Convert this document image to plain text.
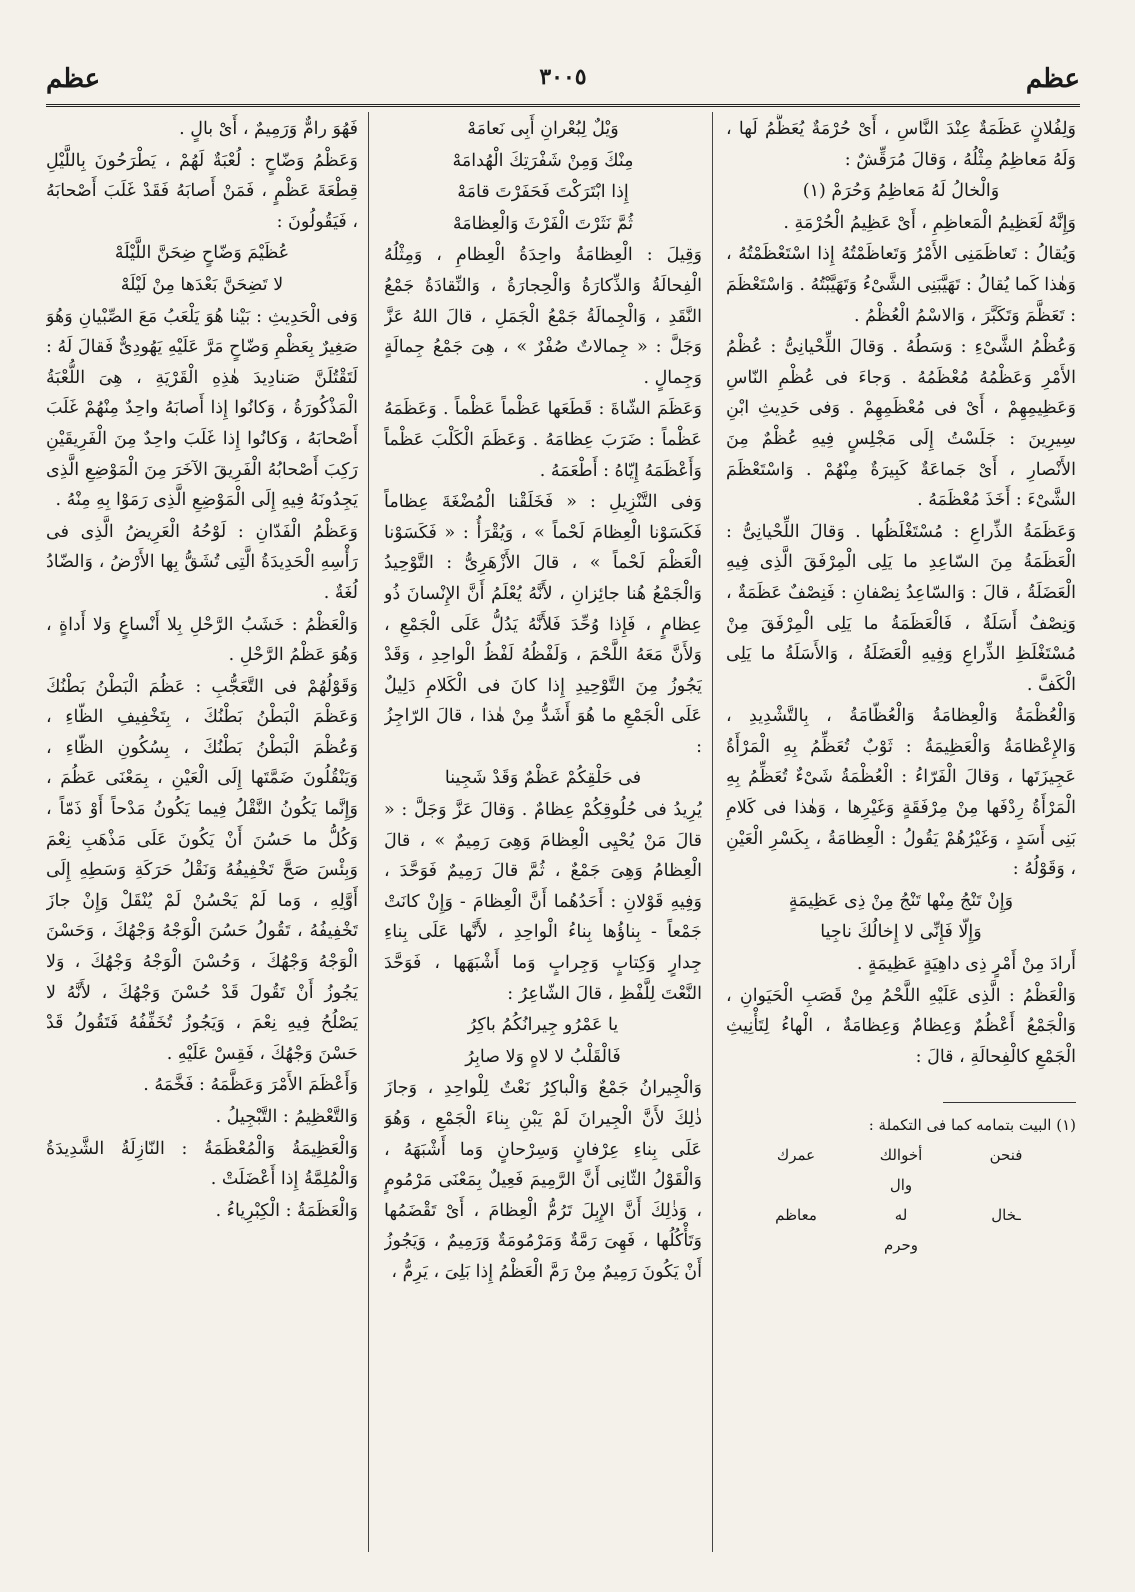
عظم
٣٠٠٥
عظم

وَلِفُلانٍ عَظَمَةٌ عِنْدَ النَّاسِ ، أَىْ حُرْمَةٌ يُعَظَّمُ لَها ، وَلَهُ مَعاظِمُ مِثْلُهُ ، وَقالَ مُرَقِّشٌ :

وَالْخالُ لَهُ مَعاظِمُ وَحُرَمْ (١)

وَإِنَّهُ لَعَظِيمُ الْمَعاظِمِ ، أَىْ عَظِيمُ الْحُرْمَةِ .

وَيُقالُ : تَعاظَمَنِى الأَمْرُ وَتَعاظَمْتُهُ إِذا اسْتَعْظَمْتُهُ ، وَهٰذا كَما يُقالُ : تَهَيَّبَنِى الشَّىْءُ وَتَهَيَّبْتُهُ . وَاسْتَعْظَمَ : تَعَظَّمَ وَتَكَبَّرَ ، وَالاسْمُ الْعُظْمُ .

وَعُظْمُ الشَّىْءِ : وَسَطُهُ . وَقالَ اللِّحْيانِىُّ : عُظْمُ الأَمْرِ وَعَظْمُهُ مُعْظَمُهُ . وَجاءَ فى عُظْمِ النّاسِ وَعَظِيمِهِمْ ، أَىْ فى مُعْظَمِهِمْ . وَفى حَدِيثِ ابْنِ سِيرِينَ : جَلَسْتُ إِلَى مَجْلِسٍ فِيهِ عُظْمٌ مِنَ الأَنْصارِ ، أَىْ جَماعَةٌ كَبِيرَةٌ مِنْهُمْ . وَاسْتَعْظَمَ الشَّىْءَ : أَخَذَ مُعْظَمَهُ .

وَعَظَمَةُ الذِّراعِ : مُسْتَغْلَظُها . وَقالَ اللِّحْيانِىُّ : الْعَظَمَةُ مِنَ السّاعِدِ ما يَلِى الْمِرْفَقَ الَّذِى فِيهِ الْعَضَلَةُ ، قالَ : وَالسّاعِدُ نِصْفانِ : فَنِصْفٌ عَظَمَةٌ ، وَنِصْفٌ أَسَلَةٌ ، فَالْعَظَمَةُ ما يَلِى الْمِرْفَقَ مِنْ مُسْتَغْلَظِ الذِّراعِ وَفِيهِ الْعَضَلَةُ ، وَالأَسَلَةُ ما يَلِى الْكَفَّ .

وَالْعُظْمَةُ وَالْعِظامَةُ وَالْعُظّامَةُ ، بِالتَّشْدِيدِ ، وَالإِعْظامَةُ وَالْعَظِيمَةُ : ثَوْبٌ تُعَظِّمُ بِهِ الْمَرْأَةُ عَجِيزَتَها ، وَقالَ الْفَرّاءُ : الْعُظْمَةُ شَىْءٌ تُعَظِّمُ بِهِ الْمَرْأَةُ رِدْفَها مِنْ مِرْفَقَةٍ وَغَيْرِها ، وَهٰذا فى كَلامِ بَنِى أَسَدٍ ، وَغَيْرُهُمْ يَقُولُ : الْعِظامَةُ ، بِكَسْرِ الْعَيْنِ ، وَقَوْلُهُ :

وَإِنْ تَنْجُ مِنْها تَنْجُ مِنْ ذِى عَظِيمَةٍ

وَإِلّا فَإِنِّى لا إِخالُكَ ناجِيا

أَرادَ مِنْ أَمْرٍ ذِى داهِيَةٍ عَظِيمَةٍ .

وَالْعَظْمُ : الَّذِى عَلَيْهِ اللَّحْمُ مِنْ قَصَبِ الْحَيَوانِ ، وَالْجَمْعُ أَعْظُمٌ وَعِظامٌ وَعِظامَةٌ ، الْهاءُ لِتَأْنِيثِ الْجَمْعِ كالْفِحالَةِ ، قالَ :

(١) البيت بتمامه كما فى التكملة :

فنحنأخوالكعمركوال
ـخاللهمعاظموحرم

وَيْلٌ لِبُعْرانِ أَبِى نَعامَهْ

مِنْكَ وَمِنْ شَفْرَتِكَ الْهُدامَهْ

إِذا ابْتَرَكْتَ فَحَفَرْتَ قامَهْ

ثُمَّ نَثَرْتَ الْفَرْثَ وَالْعِظامَهْ

وَقِيلَ : الْعِظامَةُ واحِدَةُ الْعِظامِ ، وَمِثْلُهُ الْفِحالَةُ وَالذِّكارَةُ وَالْحِجارَةُ ، وَالنِّقادَةُ جَمْعُ النَّقَدِ ، وَالْجِمالَةُ جَمْعُ الْجَمَلِ ، قالَ اللهُ عَزَّ وَجَلَّ : « جِمالاتٌ صُفْرٌ » ، هِىَ جَمْعُ جِمالَةٍ وَجِمالٍ .

وَعَظَمَ الشّاةَ : قَطَعَها عَظْماً عَظْماً . وَعَظَمَهُ عَظْماً : ضَرَبَ عِظامَهُ . وَعَظَمَ الْكَلْبَ عَظْماً وَأَعْظَمَهُ إِيّاهُ : أَطْعَمَهُ .

وَفى التَّنْزِيلِ : « فَخَلَقْنا الْمُضْغَةَ عِظاماً فَكَسَوْنا الْعِظامَ لَحْماً » ، وَيُقْرَأُ : « فَكَسَوْنا الْعَظْمَ لَحْماً » ، قالَ الأَزْهَرِىُّ : التَّوْحِيدُ وَالْجَمْعُ هُنا جائِزانِ ، لأَنَّهُ يُعْلَمُ أَنَّ الإِنْسانَ ذُو عِظامٍ ، فَإِذا وُحِّدَ فَلأَنَّهُ يَدُلُّ عَلَى الْجَمْعِ ، وَلأَنَّ مَعَهُ اللَّحْمَ ، وَلَفْظُهُ لَفْظُ الْواحِدِ ، وَقَدْ يَجُوزُ مِنَ التَّوْحِيدِ إِذا كانَ فى الْكَلامِ دَلِيلٌ عَلَى الْجَمْعِ ما هُوَ أَشَدُّ مِنْ هٰذا ، قالَ الرّاجِزُ :

فى حَلْقِكُمْ عَظْمٌ وَقَدْ شَجِينا

يُرِيدُ فى حُلُوقِكُمْ عِظامٌ . وَقالَ عَزَّ وَجَلَّ : « قالَ مَنْ يُحْيِى الْعِظامَ وَهِىَ رَمِيمٌ » ، قالَ الْعِظامُ وَهِىَ جَمْعٌ ، ثُمَّ قالَ رَمِيمٌ فَوَحَّدَ ، وَفِيهِ قَوْلانِ : أَحَدُهُما أَنَّ الْعِظامَ - وَإِنْ كانَتْ جَمْعاً - بِناؤُها بِناءُ الْواحِدِ ، لأَنَّها عَلَى بِناءِ جِدارٍ وَكِتابٍ وَجِرابٍ وَما أَشْبَهَها ، فَوَحَّدَ النَّعْتَ لِلَّفْظِ ، قالَ الشّاعِرُ :

يا عَمْرُو جِيرانُكُمُ باكِرُ

فَالْقَلْبُ لا لاهٍ وَلا صابِرُ

وَالْجِيرانُ جَمْعٌ وَالْباكِرُ نَعْتٌ لِلْواحِدِ ، وَجازَ ذٰلِكَ لأَنَّ الْجِيرانَ لَمْ يَبْنِ بِناءَ الْجَمْعِ ، وَهُوَ عَلَى بِناءِ عِرْفانٍ وَسِرْحانٍ وَما أَشْبَهَهُ ، وَالْقَوْلُ الثّانِى أَنَّ الرَّمِيمَ فَعِيلٌ بِمَعْنَى مَرْمُومٍ ، وَذٰلِكَ أَنَّ الإِبِلَ تَرُمُّ الْعِظامَ ، أَىْ تَقْضَمُها وَتَأْكُلُها ، فَهِىَ رَمَّةٌ وَمَرْمُومَةٌ وَرَمِيمٌ ، وَيَجُوزُ أَنْ يَكُونَ رَمِيمٌ مِنْ رَمَّ الْعَظْمُ إِذا بَلِىَ ، يَرِمُّ ،

فَهُوَ رامٌّ وَرَمِيمٌ ، أَىْ بالٍ .

وَعَظْمُ وَضّاحٍ : لُعْبَةٌ لَهُمْ ، يَطْرَحُونَ بِاللَّيْلِ قِطْعَةَ عَظْمٍ ، فَمَنْ أَصابَهُ فَقَدْ غَلَبَ أَصْحابَهُ ، فَيَقُولُونَ :

عُظَيْمَ وَضّاحٍ ضِحَنَّ اللَّيْلَهْ

لا تَضِحَنَّ بَعْدَها مِنْ لَيْلَهْ

وَفى الْحَدِيثِ : بَيْنا هُوَ يَلْعَبُ مَعَ الصِّبْيانِ وَهُوَ صَغِيرٌ بِعَظْمِ وَضّاحٍ مَرَّ عَلَيْهِ يَهُودِىٌّ فَقالَ لَهُ : لَتَقْتُلَنَّ صَنادِيدَ هٰذِهِ الْقَرْيَةِ ، هِىَ اللُّعْبَةُ الْمَذْكُورَةُ ، وَكانُوا إِذا أَصابَهُ واحِدٌ مِنْهُمْ غَلَبَ أَصْحابَهُ ، وَكانُوا إِذا غَلَبَ واحِدٌ مِنَ الْفَرِيقَيْنِ رَكِبَ أَصْحابُهُ الْفَرِيقَ الآخَرَ مِنَ الْمَوْضِعِ الَّذِى يَجِدُونَهُ فِيهِ إِلَى الْمَوْضِعِ الَّذِى رَمَوْا بِهِ مِنْهُ .

وَعَظْمُ الْفَدّانِ : لَوْحُهُ الْعَرِيضُ الَّذِى فى رَأْسِهِ الْحَدِيدَةُ الَّتِى تُشَقُّ بِها الأَرْضُ ، وَالضّادُ لُغَةٌ .

وَالْعَظْمُ : خَشَبُ الرَّحْلِ بِلا أَنْساعٍ وَلا أَداةٍ ، وَهُوَ عَظْمُ الرَّحْلِ .

وَقَوْلُهُمْ فى التَّعَجُّبِ : عَظُمَ الْبَطْنُ بَطْنُكَ وَعَظْمَ الْبَطْنُ بَطْنُكَ ، بِتَخْفِيفِ الظّاءِ ، وَعُظْمَ الْبَطْنُ بَطْنُكَ ، بِسُكُونِ الظّاءِ ، وَيَنْقُلُونَ ضَمَّتَها إِلَى الْعَيْنِ ، بِمَعْنَى عَظُمَ ، وَإِنَّما يَكُونُ النَّقْلُ فِيما يَكُونُ مَدْحاً أَوْ ذَمّاً ، وَكُلُّ ما حَسُنَ أَنْ يَكُونَ عَلَى مَذْهَبِ نِعْمَ وَبِئْسَ صَحَّ تَخْفِيفُهُ وَنَقْلُ حَرَكَةِ وَسَطِهِ إِلَى أَوَّلِهِ ، وَما لَمْ يَحْسُنْ لَمْ يُنْقَلْ وَإِنْ جازَ تَخْفِيفُهُ ، تَقُولُ حَسُنَ الْوَجْهُ وَجْهُكَ ، وَحَسْنَ الْوَجْهُ وَجْهُكَ ، وَحُسْنَ الْوَجْهُ وَجْهُكَ ، وَلا يَجُوزُ أَنْ تَقُولَ قَدْ حُسْنَ وَجْهُكَ ، لأَنَّهُ لا يَصْلُحُ فِيهِ نِعْمَ ، وَيَجُوزُ تُخَفِّفُهُ فَتَقُولُ قَدْ حَسْنَ وَجْهُكَ ، فَقِسْ عَلَيْهِ .

وَأَعْظَمَ الأَمْرَ وَعَظَّمَهُ : فَخَّمَهُ .

وَالتَّعْظِيمُ : التَّبْجِيلُ .

وَالْعَظِيمَةُ وَالْمُعْظَمَةُ : النّازِلَةُ الشَّدِيدَةُ وَالْمُلِمَّةُ إِذا أَعْضَلَتْ .

وَالْعَظَمَةُ : الْكِبْرِياءُ .
